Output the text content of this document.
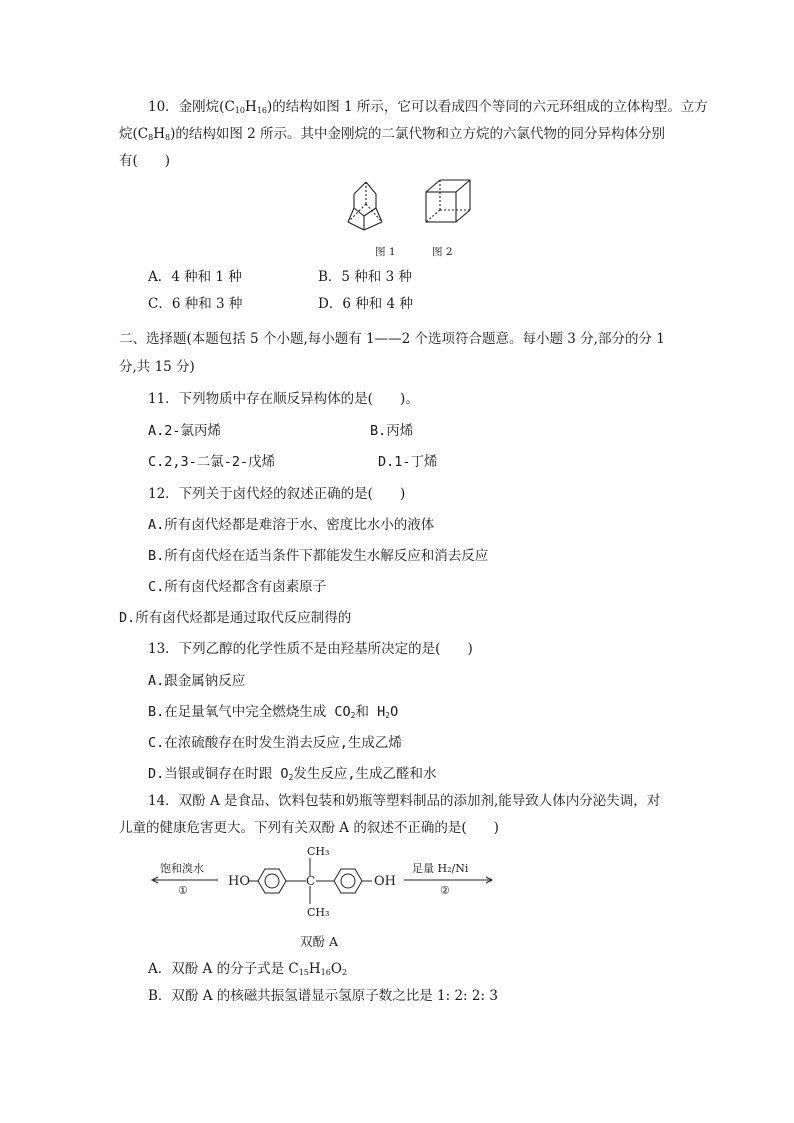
10．金刚烷$(C_{10}H_{16})$的结构如图 1 所示，它可以看成四个等同的六元环组成的立体构型。立方
烷$(C_8H_8)$的结构如图 2 所示。其中金刚烷的二氯代物和立方烷的六氯代物的同分异构体分别
有(　　)
图 1	图 2
A．4 种和 1 种	B．5 种和 3 种
C．6 种和 3 种	D．6 种和 4 种
二、选择题(本题包括 5 个小题,每小题有 1——2 个选项符合题意。每小题 3 分,部分的分 1
分,共 15 分)
11．下列物质中存在顺反异构体的是(　　)。
A.2-氯丙烯	B.丙烯
C.2,3-二氯-2-戊烯	D.1-丁烯
12．下列关于卤代烃的叙述正确的是(　　)
A.所有卤代烃都是难溶于水、密度比水小的液体
B.所有卤代烃在适当条件下都能发生水解反应和消去反应
C.所有卤代烃都含有卤素原子
D.所有卤代烃都是通过取代反应制得的
13．下列乙醇的化学性质不是由羟基所决定的是(　　)
A.跟金属钠反应
B.在足量氧气中完全燃烧生成 $CO_2$和 $H_2O$
C.在浓硫酸存在时发生消去反应,生成乙烯
D.当银或铜存在时跟 $O_2$发生反应,生成乙醛和水
14．双酚 A 是食品、饮料包装和奶瓶等塑料制品的添加剂,能导致人体内分泌失调，对
儿童的健康危害更大。下列有关双酚 A 的叙述不正确的是(　　)
饱和溴水
①
HO	C
CH₃
CH₃
OH
足量 H₂/Ni
②
双酚 A
A．双酚 A 的分子式是 $C_{15}H_{16}O_2$
B．双酚 A 的核磁共振氢谱显示氢原子数之比是 1: 2: 2: 3
